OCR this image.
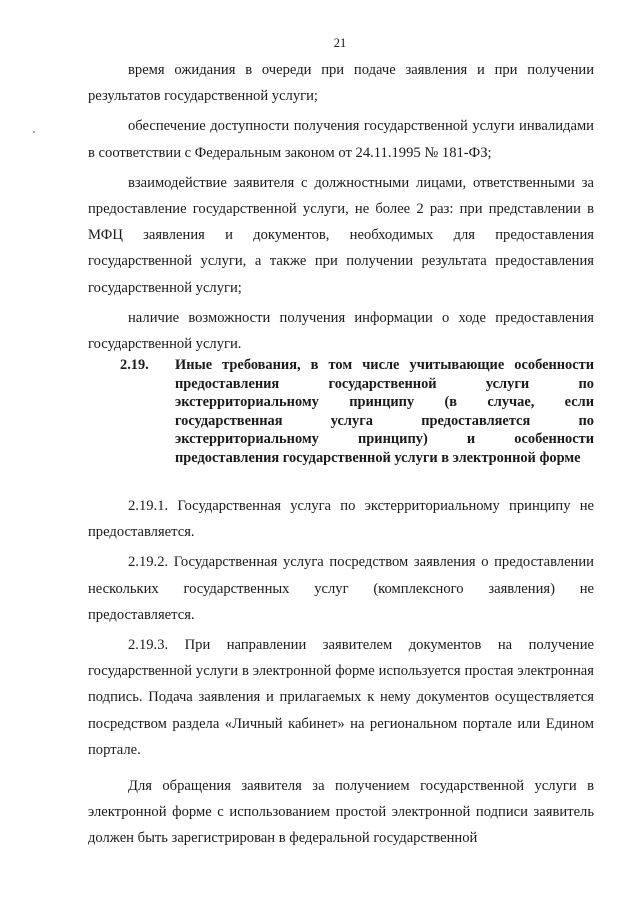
21

время ожидания в очереди при подаче заявления и при получении результатов государственной услуги;

обеспечение доступности получения государственной услуги инвалидами в соответствии с Федеральным законом от 24.11.1995 № 181-ФЗ;

взаимодействие заявителя с должностными лицами, ответственными за предоставление государственной услуги, не более 2 раз: при представлении в МФЦ заявления и документов, необходимых для предоставления государственной услуги, а также при получении результата предоставления государственной услуги;

наличие возможности получения информации о ходе предоставления государственной услуги.

2.19. Иные требования, в том числе учитывающие особенности предоставления государственной услуги по экстерриториальному принципу (в случае, если государственная услуга предоставляется по экстерриториальному принципу) и особенности предоставления государственной услуги в электронной форме

2.19.1. Государственная услуга по экстерриториальному принципу не предоставляется.

2.19.2. Государственная услуга посредством заявления о предоставлении нескольких государственных услуг (комплексного заявления) не предоставляется.

2.19.3. При направлении заявителем документов на получение государственной услуги в электронной форме используется простая электронная подпись. Подача заявления и прилагаемых к нему документов осуществляется посредством раздела «Личный кабинет» на региональном портале или Едином портале.

Для обращения заявителя за получением государственной услуги в электронной форме с использованием простой электронной подписи заявитель должен быть зарегистрирован в федеральной государственной
